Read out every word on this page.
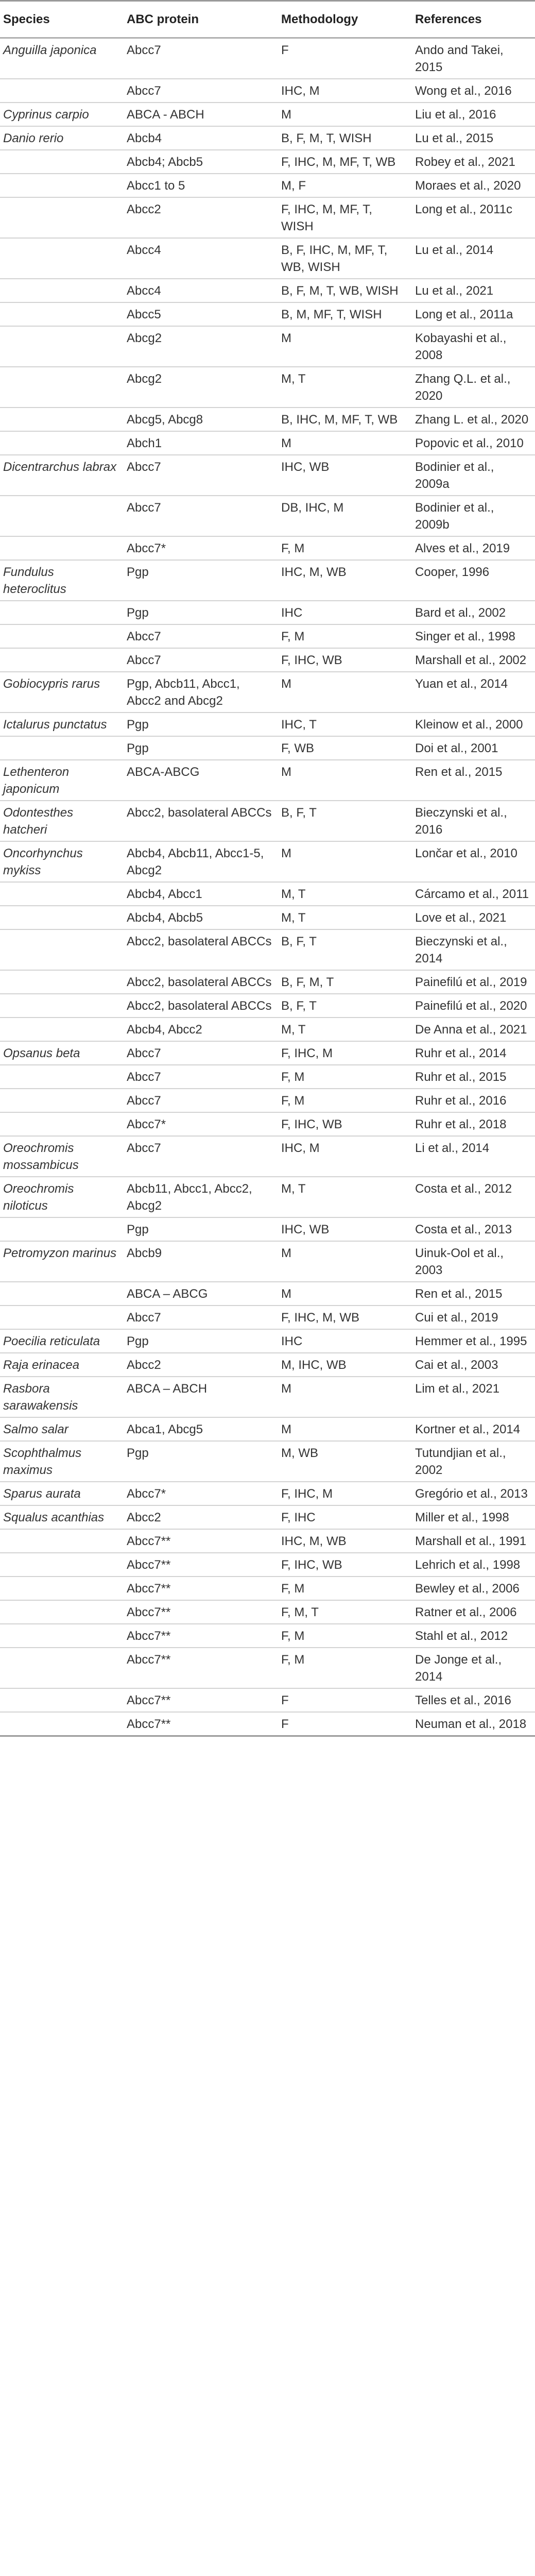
Species	ABC protein	Methodology	References
Anguilla japonica	Abcc7	F	Ando and Takei, 2015
	Abcc7	IHC, M	Wong et al., 2016
Cyprinus carpio	ABCA - ABCH	M	Liu et al., 2016
Danio rerio	Abcb4	B, F, M, T, WISH	Lu et al., 2015
	Abcb4; Abcb5	F, IHC, M, MF, T, WB	Robey et al., 2021
	Abcc1 to 5	M, F	Moraes et al., 2020
	Abcc2	F, IHC, M, MF, T, WISH	Long et al., 2011c
	Abcc4	B, F, IHC, M, MF, T, WB, WISH	Lu et al., 2014
	Abcc4	B, F, M, T, WB, WISH	Lu et al., 2021
	Abcc5	B, M, MF, T, WISH	Long et al., 2011a
	Abcg2	M	Kobayashi et al., 2008
	Abcg2	M, T	Zhang Q.L. et al., 2020
	Abcg5, Abcg8	B, IHC, M, MF, T, WB	Zhang L. et al., 2020
	Abch1	M	Popovic et al., 2010
Dicentrarchus labrax	Abcc7	IHC, WB	Bodinier et al., 2009a
	Abcc7	DB, IHC, M	Bodinier et al., 2009b
	Abcc7*	F, M	Alves et al., 2019
Fundulus heteroclitus	Pgp	IHC, M, WB	Cooper, 1996
	Pgp	IHC	Bard et al., 2002
	Abcc7	F, M	Singer et al., 1998
	Abcc7	F, IHC, WB	Marshall et al., 2002
Gobiocypris rarus	Pgp, Abcb11, Abcc1, Abcc2 and Abcg2	M	Yuan et al., 2014
Ictalurus punctatus	Pgp	IHC, T	Kleinow et al., 2000
	Pgp	F, WB	Doi et al., 2001
Lethenteron japonicum	ABCA-ABCG	M	Ren et al., 2015
Odontesthes hatcheri	Abcc2, basolateral ABCCs	B, F, T	Bieczynski et al., 2016
Oncorhynchus mykiss	Abcb4, Abcb11, Abcc1-5, Abcg2	M	Lončar et al., 2010
	Abcb4, Abcc1	M, T	Cárcamo et al., 2011
	Abcb4, Abcb5	M, T	Love et al., 2021
	Abcc2, basolateral ABCCs	B, F, T	Bieczynski et al., 2014
	Abcc2, basolateral ABCCs	B, F, M, T	Painefilú et al., 2019
	Abcc2, basolateral ABCCs	B, F, T	Painefilú et al., 2020
	Abcb4, Abcc2	M, T	De Anna et al., 2021
Opsanus beta	Abcc7	F, IHC, M	Ruhr et al., 2014
	Abcc7	F, M	Ruhr et al., 2015
	Abcc7	F, M	Ruhr et al., 2016
	Abcc7*	F, IHC, WB	Ruhr et al., 2018
Oreochromis mossambicus	Abcc7	IHC, M	Li et al., 2014
Oreochromis niloticus	Abcb11, Abcc1, Abcc2, Abcg2	M, T	Costa et al., 2012
	Pgp	IHC, WB	Costa et al., 2013
Petromyzon marinus	Abcb9	M	Uinuk-Ool et al., 2003
	ABCA – ABCG	M	Ren et al., 2015
	Abcc7	F, IHC, M, WB	Cui et al., 2019
Poecilia reticulata	Pgp	IHC	Hemmer et al., 1995
Raja erinacea	Abcc2	M, IHC, WB	Cai et al., 2003
Rasbora sarawakensis	ABCA – ABCH	M	Lim et al., 2021
Salmo salar	Abca1, Abcg5	M	Kortner et al., 2014
Scophthalmus maximus	Pgp	M, WB	Tutundjian et al., 2002
Sparus aurata	Abcc7*	F, IHC, M	Gregório et al., 2013
Squalus acanthias	Abcc2	F, IHC	Miller et al., 1998
	Abcc7**	IHC, M, WB	Marshall et al., 1991
	Abcc7**	F, IHC, WB	Lehrich et al., 1998
	Abcc7**	F, M	Bewley et al., 2006
	Abcc7**	F, M, T	Ratner et al., 2006
	Abcc7**	F, M	Stahl et al., 2012
	Abcc7**	F, M	De Jonge et al., 2014
	Abcc7**	F	Telles et al., 2016
	Abcc7**	F	Neuman et al., 2018
